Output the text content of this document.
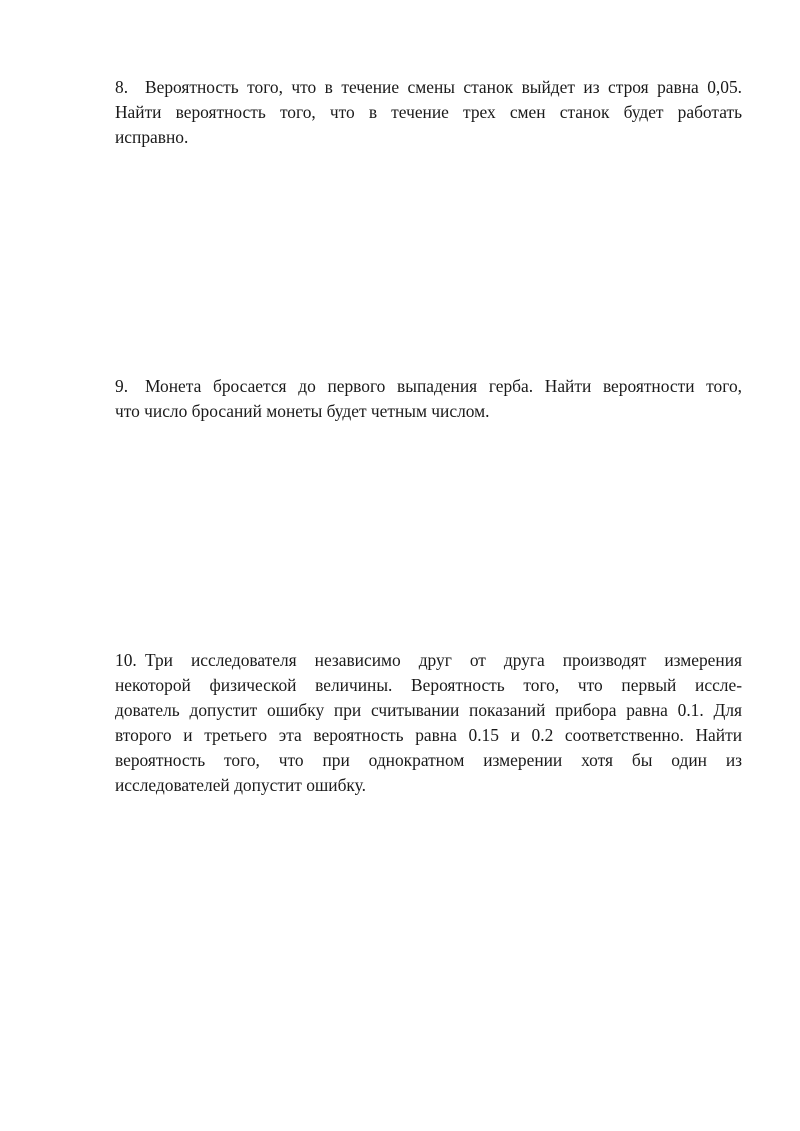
8. Вероятность того, что в течение смены станок выйдет из строя равна 0,05.
Найти вероятность того, что в течение трех смен станок будет работать
исправно.
9. Монета бросается до первого выпадения герба. Найти вероятности того,
что число бросаний монеты будет четным числом.
10. Три исследователя независимо друг от друга производят измерения
некоторой физической величины. Вероятность того, что первый иссле-
дователь допустит ошибку при считывании показаний прибора равна 0.1. Для
второго и третьего эта вероятность равна 0.15 и 0.2 соответственно. Найти
вероятность того, что при однократном измерении хотя бы один из
исследователей допустит ошибку.
